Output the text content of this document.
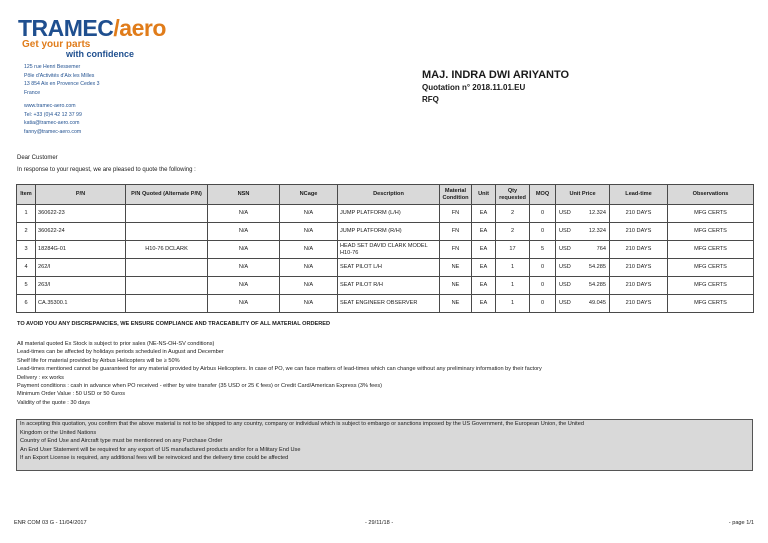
TRAMEC/aero
Get your parts
with confidence
125 rue Henri Bessemer
Pôle d'Activités d'Aix les Milles
13 854 Aix en Provence Cedex 3
France
www.tramec-aero.com
Tel: +33 (0)4 42 12 37 99
katia@tramec-aero.com
fanny@tramec-aero.com
MAJ. INDRA DWI ARIYANTO
Quotation n° 2018.11.01.EU
RFQ
Dear Customer
In response to your request, we are pleased to quote the following :
Item	P/N	P/N Quoted (Alternate P/N)	NSN	NCage	Description	Material Condition	Unit	Qty requested	MOQ	Unit Price	Lead-time	Observations
1	360622-23		N/A	N/A	JUMP PLATFORM (L/H)	FN	EA	2	0	USD 12.324	210 DAYS	MFG CERTS
2	360622-24		N/A	N/A	JUMP PLATFORM (R/H)	FN	EA	2	0	USD 12.324	210 DAYS	MFG CERTS
3	18284G-01	H10-76 DCLARK	N/A	N/A	HEAD SET DAVID CLARK MODEL H10-76	FN	EA	17	5	USD 764	210 DAYS	MFG CERTS
4	262/I		N/A	N/A	SEAT PILOT L/H	NE	EA	1	0	USD 54.285	210 DAYS	MFG CERTS
5	263/I		N/A	N/A	SEAT PILOT R/H	NE	EA	1	0	USD 54.285	210 DAYS	MFG CERTS
6	CA.35300.1		N/A	N/A	SEAT ENGINEER OBSERVER	NE	EA	1	0	USD 49.045	210 DAYS	MFG CERTS
TO AVOID YOU ANY DISCREPANCIES, WE ENSURE COMPLIANCE AND TRACEABILITY OF ALL MATERIAL ORDERED
All material quoted Ex Stock is subject to prior sales (NE-NS-OH-SV conditions)
Lead-times can be affected by holidays periods scheduled in August and December
Shelf life for material provided by Airbus Helicopters will be ≥ 50%
Lead-times mentioned cannot be guaranteed for any material provided by Airbus Helicopters. In case of PO, we can face matters of lead-times which can change without any preliminary information by their factory
Delivery : ex works
Payment conditions : cash in advance when PO received - either by wire transfer (35 USD or 25 € fees) or Credit Card/American Express (3% fees)
Minimum Order Value : 50 USD or 50 €uros
Validity of the quote : 30 days
In accepting this quotation, you confirm that the above material is not to be shipped to any country, company or individual which is subject to embargo or sanctions imposed by the US Government, the European Union, the United
Kingdom or the United Nations
Country of End Use and Aircraft type must be mentionned on any Purchase Order
An End User Statement will be required for any export of US manufactured products and/or for a Military End Use
If an Export License is required, any additional fees will be reinvoiced and the delivery time could be affected
ENR COM 03 G - 11/04/2017	- 29/11/18 -	- page 1/1
